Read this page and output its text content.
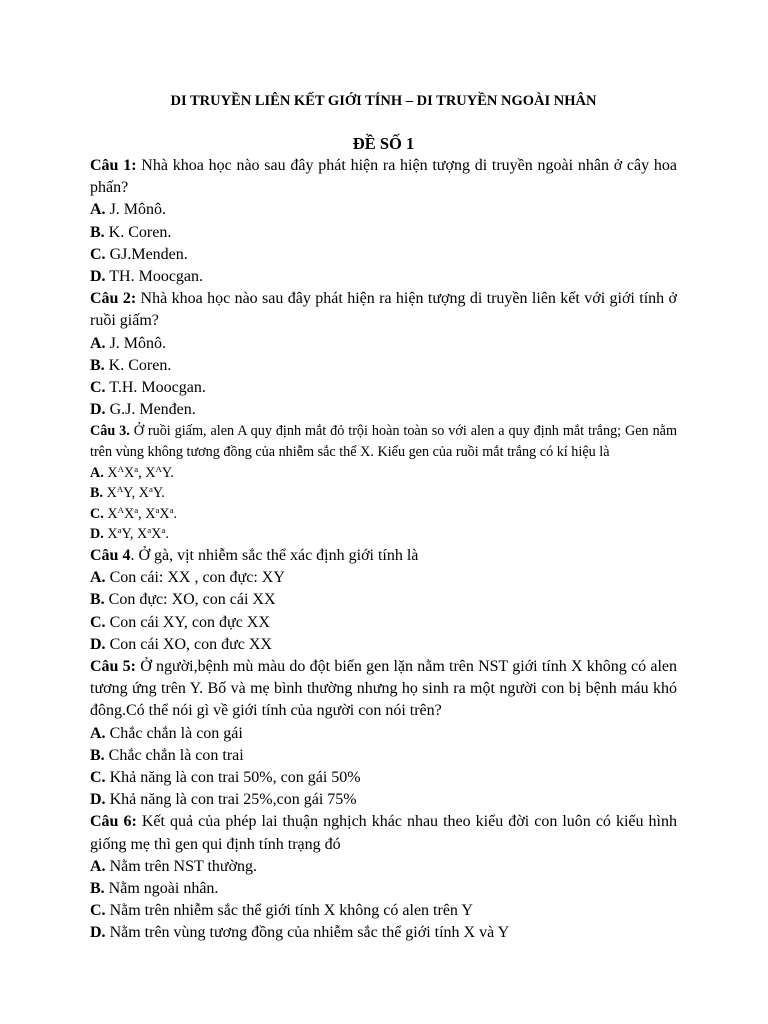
DI TRUYỀN LIÊN KẾT GIỚI TÍNH – DI TRUYỀN NGOÀI NHÂN
ĐỀ SỐ 1
Câu 1: Nhà khoa học nào sau đây phát hiện ra hiện tượng di truyền ngoài nhân ở cây hoa phấn?
A. J. Mônô.
B. K. Coren.
C. GJ.Menden.
D. TH. Moocgan.
Câu 2: Nhà khoa học nào sau đây phát hiện ra hiện tượng di truyền liên kết với giới tính ở ruồi giấm?
A. J. Mônô.
B. K. Coren.
C. T.H. Moocgan.
D. G.J. Menđen.
Câu 3. Ở ruồi giấm, alen A quy định mắt đỏ trội hoàn toàn so với alen a quy định mắt trắng; Gen nằm trên vùng không tương đồng của nhiễm sắc thể X. Kiểu gen của ruồi mắt trắng có kí hiệu là
A. $X^AX^a$, $X^AY$.
B. $X^AY$, $X^aY$.
C. $X^AX^a$, $X^aX^a$.
D. $X^aY$, $X^aX^a$.
Câu 4. Ở gà, vịt nhiễm sắc thể xác định giới tính là
A. Con cái: XX , con đực: XY
B. Con đực: XO, con cái XX
C. Con cái XY, con đực XX
D. Con cái XO, con đưc XX
Câu 5: Ở người,bệnh mù màu do đột biến gen lặn nằm trên NST giới tính X không có alen tương ứng trên Y. Bố và mẹ bình thường nhưng họ sinh ra một người con bị bệnh máu khó đông.Có thể nói gì về giới tính của người con nói trên?
A. Chắc chắn là con gái
B. Chắc chắn là con trai
C. Khả năng là con trai 50%, con gái 50%
D. Khả năng là con trai 25%,con gái 75%
Câu 6: Kết quả của phép lai thuận nghịch khác nhau theo kiểu đời con luôn có kiểu hình giống mẹ thì gen qui định tính trạng đó
A. Nằm trên NST thường.
B. Nằm ngoài nhân.
C. Nằm trên nhiễm sắc thể giới tính X không có alen trên Y
D. Nằm trên vùng tương đồng của nhiễm sắc thể giới tính X và Y
